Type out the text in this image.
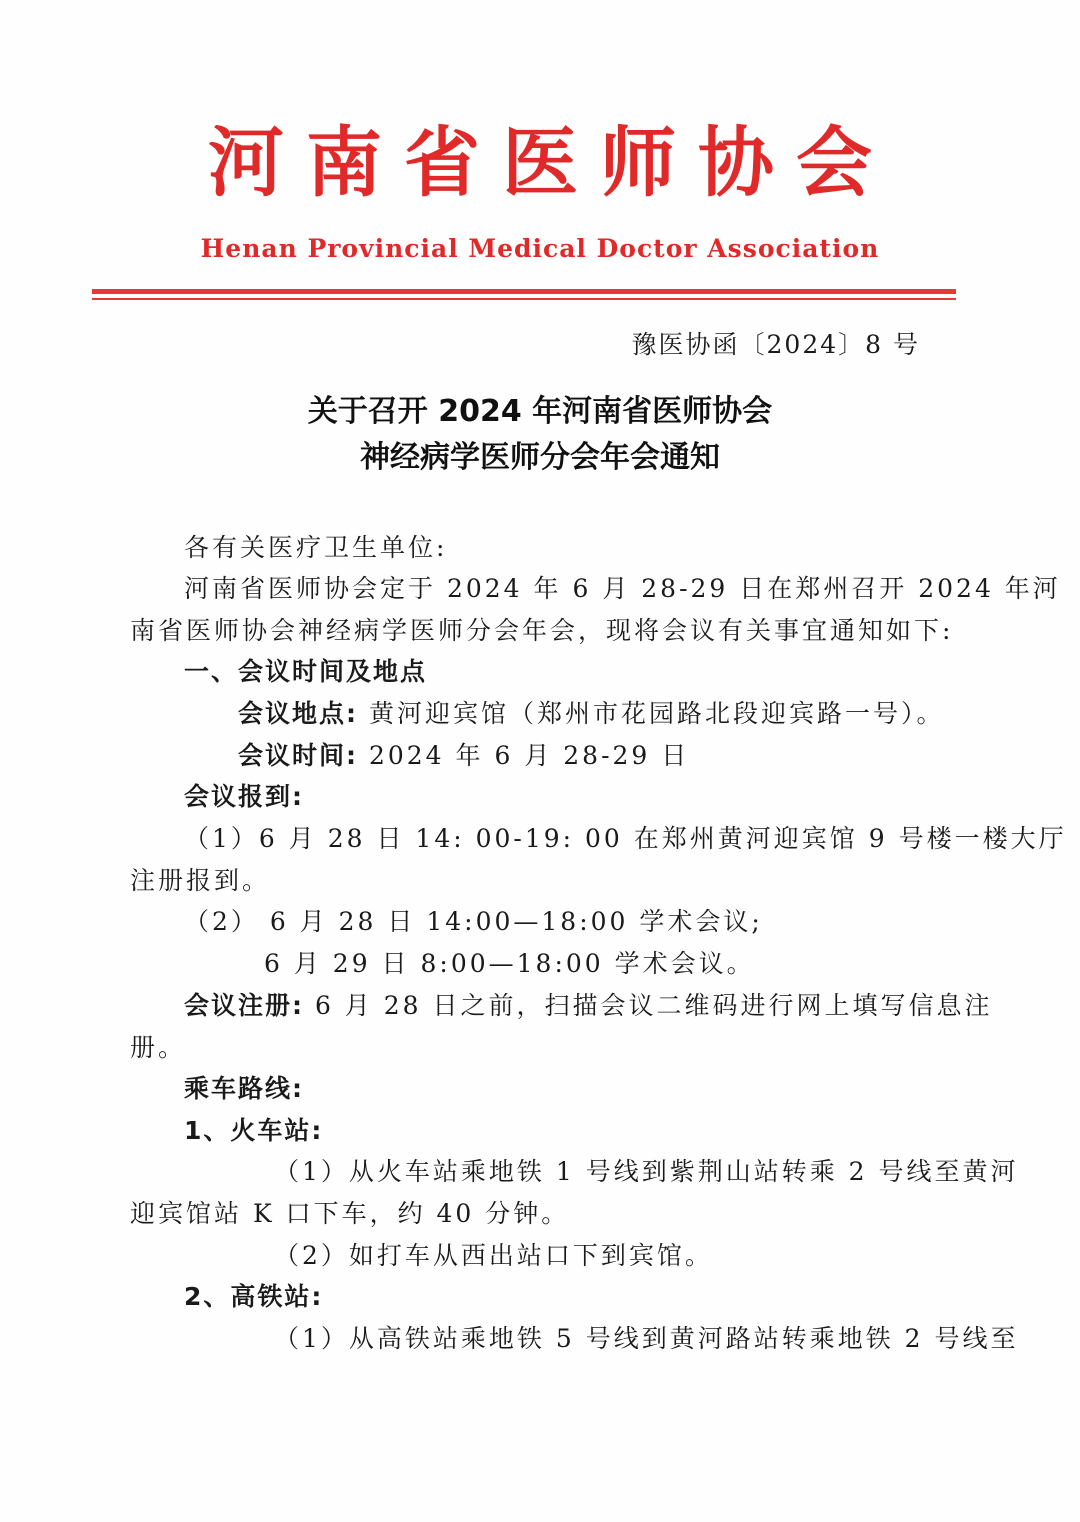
河南省医师协会
Henan Provincial Medical Doctor Association
豫医协函〔2024〕8 号
关于召开 2024 年河南省医师协会
神经病学医师分会年会通知
各有关医疗卫生单位:
河南省医师协会定于 2024 年 6 月 28-29 日在郑州召开 2024 年河
南省医师协会神经病学医师分会年会，现将会议有关事宜通知如下:
一、会议时间及地点
会议地点: 黄河迎宾馆（郑州市花园路北段迎宾路一号）。
会议时间: 2024 年 6 月 28-29 日
会议报到:
（1）6 月 28 日 14: 00-19: 00 在郑州黄河迎宾馆 9 号楼一楼大厅
注册报到。
（2） 6 月 28 日 14:00—18:00 学术会议;
6 月 29 日 8:00—18:00 学术会议。
会议注册: 6 月 28 日之前，扫描会议二维码进行网上填写信息注
册。
乘车路线:
1、火车站:
（1）从火车站乘地铁 1 号线到紫荆山站转乘 2 号线至黄河
迎宾馆站 K 口下车，约 40 分钟。
（2）如打车从西出站口下到宾馆。
2、高铁站:
（1）从高铁站乘地铁 5 号线到黄河路站转乘地铁 2 号线至
